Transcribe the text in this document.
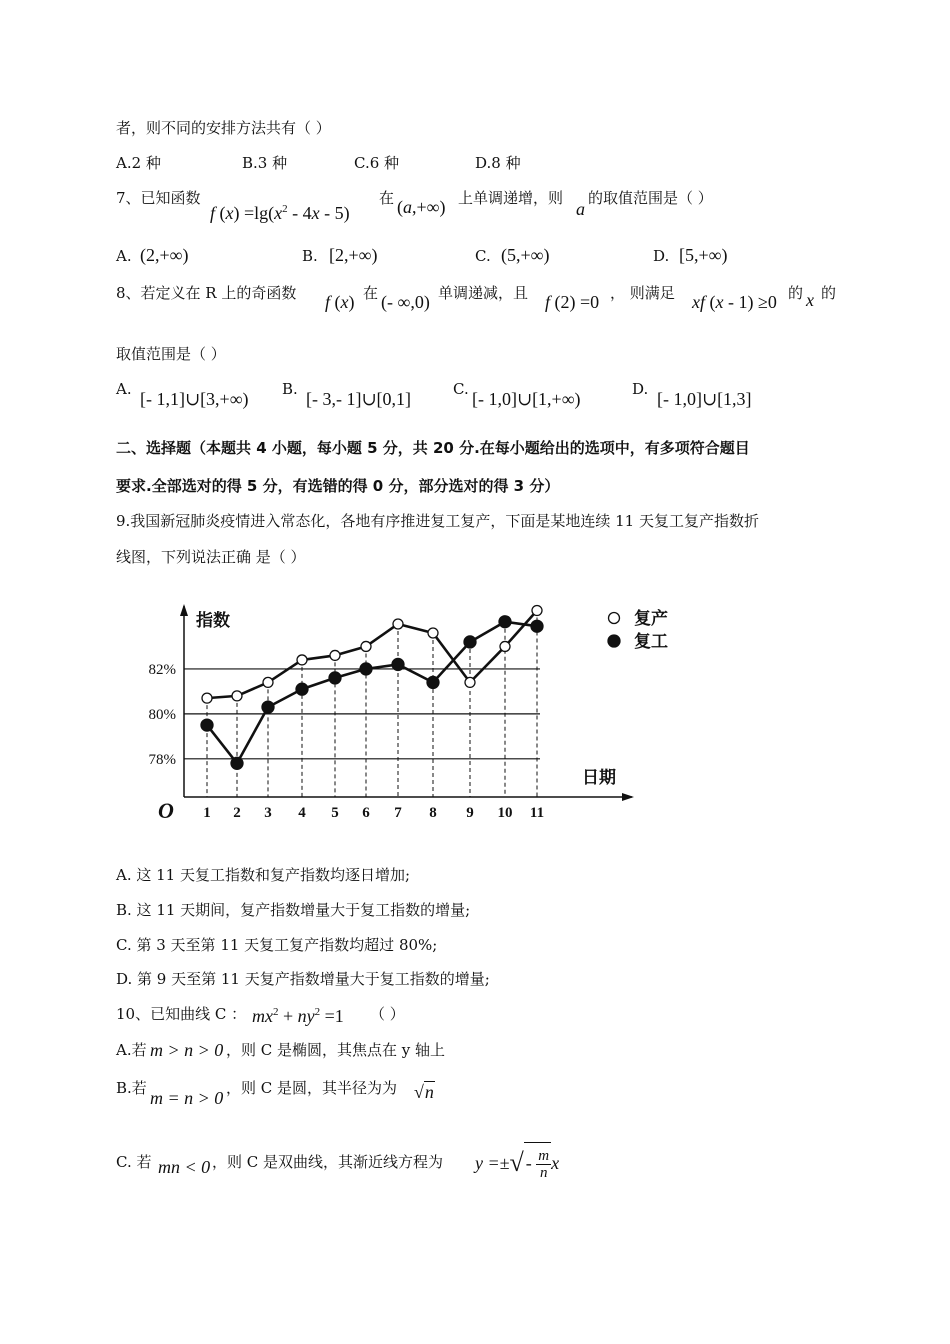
者，则不同的安排方法共有（ ）
A.2 种	B.3 种	C.6 种	D.8 种
7、已知函数
f $(x) =\lg(x^2 - 4x - 5)$
在 (a,+∞) 上单调递增，则
a
的取值范围是（ ）
A. (2,+∞)	B. [2,+∞)	C. (5,+∞)	D. [5,+∞)
8、若定义在 R 上的奇函数 f (x) 在 (- ∞,0) 单调递减，且 f (2) =0 ， 则满足 xf (x - 1) ≥0 的 x 的
取值范围是（ ）
A. [- 1,1]∪[3,+∞) B. [- 3,- 1]∪[0,1]	C. [- 1,0]∪[1,+∞)	D. [- 1,0]∪[1,3]
二、选择题（本题共 4 小题，每小题 5 分，共 20 分.在每小题给出的选项中，有多项符合题目
要求.全部选对的得 5 分，有选错的得 0 分，部分选对的得 3 分）
9.我国新冠肺炎疫情进入常态化，各地有序推进复工复产，下面是某地连续 11 天复工复产指数折
线图，下列说法正确 是（ ）
78%
80%
82%
1 2 3 4 5 6 7 8 9 10 11
指数
日期
O
复产
复工
A. 这 11 天复工指数和复产指数均逐日增加;
B. 这 11 天期间，复产指数增量大于复工指数的增量;
C. 第 3 天至第 11 天复工复产指数均超过 80%;
D. 第 9 天至第 11 天复产指数增量大于复工指数的增量;
10、已知曲线 C ： $mx^2 + ny^2 =1$ （ ）
A.若 m > n > 0 ，则 C 是椭圆，其焦点在 y 轴上
B.若 m = n > 0 ，则 C 是圆，其半径为为 √n
C. 若 mn < 0 ，则 C 是双曲线，其渐近线方程为 y =±√ - $\frac{m}{n}$ x
